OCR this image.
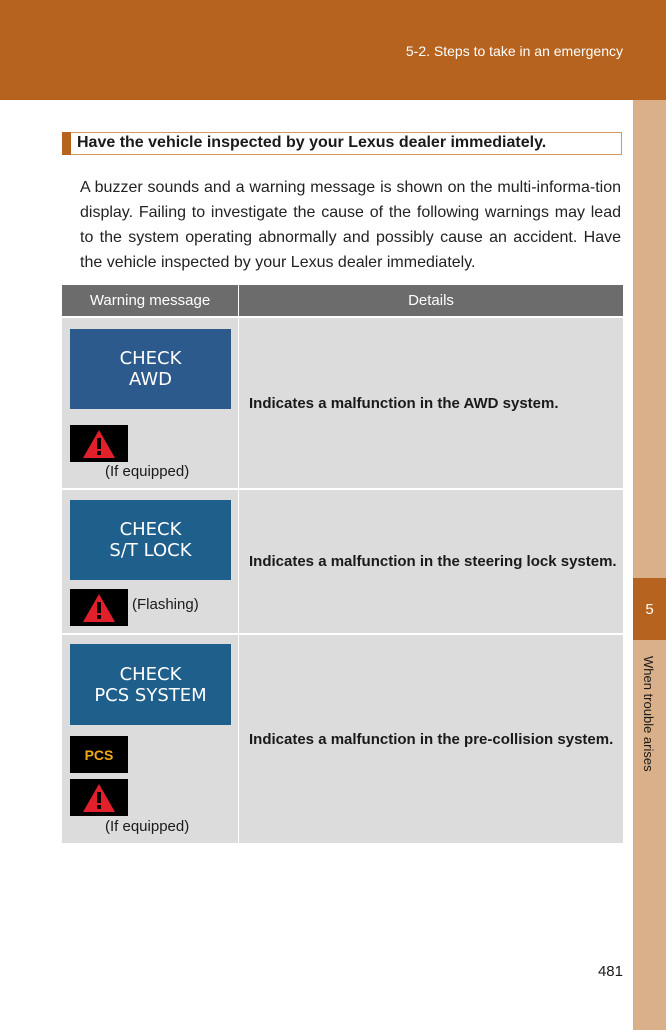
5-2. Steps to take in an emergency
5
When trouble arises
Have the vehicle inspected by your Lexus dealer immediately.
A buzzer sounds and a warning message is shown on the multi-informa-tion display. Failing to investigate the cause of the following warnings may lead to the system operating abnormally and possibly cause an accident. Have the vehicle inspected by your Lexus dealer immediately.
Warning message	Details

CHECK
AWD
(If equipped)	Indicates a malfunction in the AWD system.

CHECK
S/T LOCK
(Flashing)	Indicates a malfunction in the steering lock system.

CHECK
PCS SYSTEM
PCS
(If equipped)	Indicates a malfunction in the pre-collision system.
481
